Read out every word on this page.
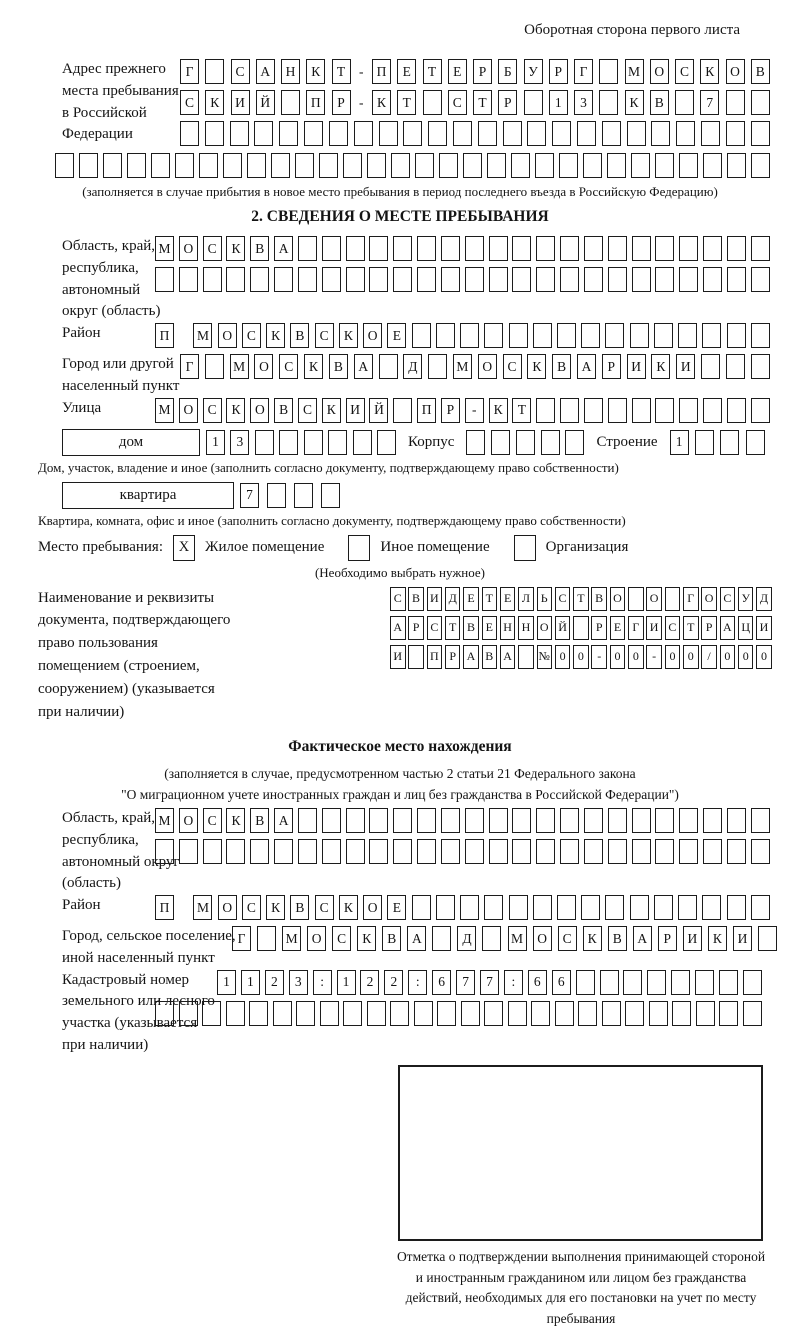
Оборотная сторона первого листа
Адрес прежнего
места пребывания
в Российской
Федерации
Г	С	А	Н	К	Т	- П	Е	Т	Е	Р	Б	У	Р	Г	М	О	С	К	О	В
С	К	И	Й	П	Р	- К	Т	С	Т	Р	1	3	К	В	7
(заполняется в случае прибытия в новое место пребывания в период последнего въезда в Российскую Федерацию)
2. СВЕДЕНИЯ О МЕСТЕ ПРЕБЫВАНИЯ
Область, край,
республика,
автономный
округ (область)
М О	С	К	В	А
Район	П	М О	С	К	В	С	К	О	Е
Город или другой
населенный пункт
Г	М	О	С	К	В	А	Д	М	О	С	К	В	А	Р	И	К	И
Улица	М О	С	К	О	В	С	К	И	Й	П	Р	-	К	Т
дом	1	3	Корпус	Строение	1
Дом, участок, владение и иное (заполнить согласно документу, подтверждающему право собственности)
квартира	7
Квартира, комната, офис и иное (заполнить согласно документу, подтверждающему право собственности)
Место пребывания:	X	Жилое помещение	Иное помещение	Организация
(Необходимо выбрать нужное)
Наименование и реквизиты
документа, подтверждающего
право пользования
помещением (строением,
сооружением) (указывается
при наличии)
С В И Д Е Т Е Л Ь С Т В О О	Г О С У Д
А Р С Т В Е Н Н О Й	Р Е Г И С Т Р А Ц И
И П Р А В А № 0	0	-	0	0	-	0	0	/	0	0	0
Фактическое место нахождения
(заполняется в случае, предусмотренном частью 2 статьи 21 Федерального закона
"О миграционном учете иностранных граждан и лиц без гражданства в Российской Федерации")
Область, край,
республика,
автономный округ
(область)
М О	С	К	В	А
Район	П	М О	С	К	В	С	К	О	Е
Город, сельское поселение,
иной населенный пункт
Г	М	О	С	К	В	А	Д	М	О	С	К	В	А	Р	И	К	И
Кадастровый номер
земельного или лесного
участка (указывается
при наличии)
1	1	2	3	:	1	2	2	:	6	7	7	:	6	6
Отметка о подтверждении выполнения принимающей стороной и иностранным гражданином или лицом без гражданства действий, необходимых для его постановки на учет по месту пребывания
